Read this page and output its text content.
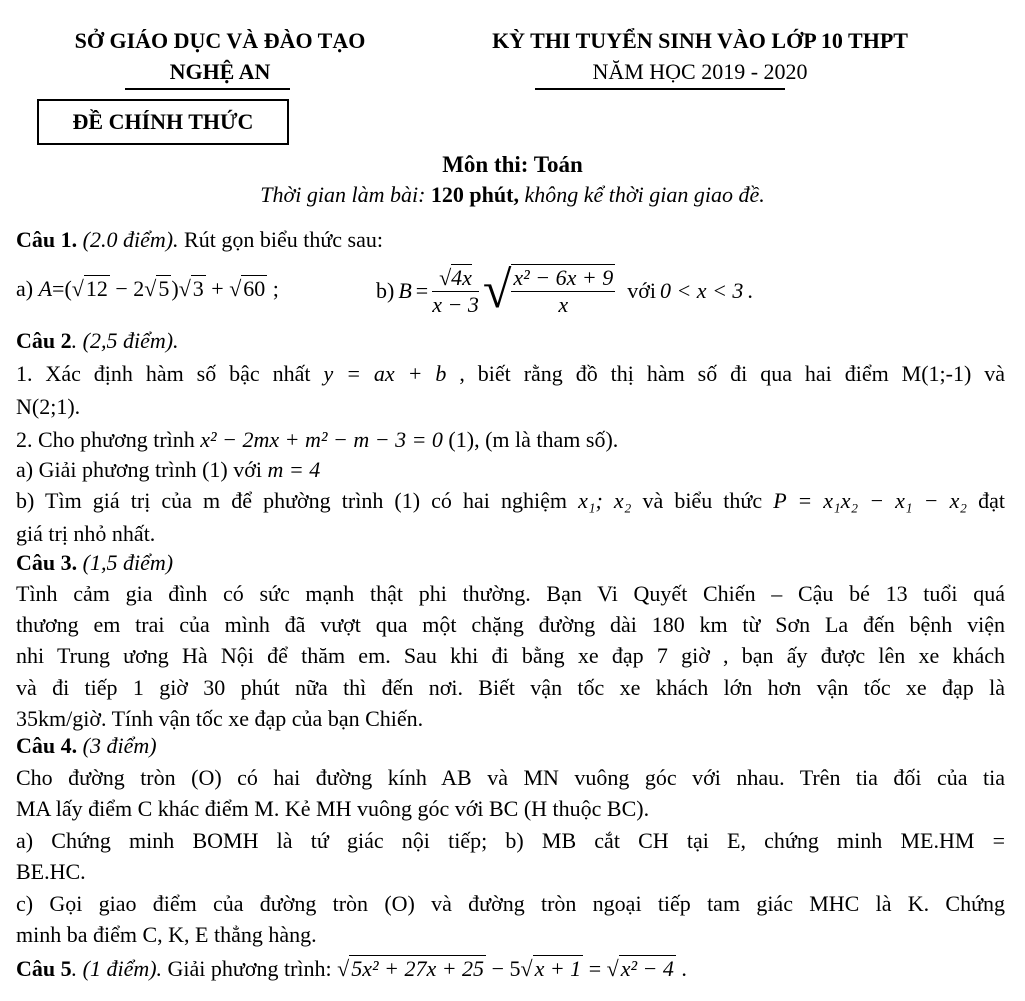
SỞ GIÁO DỤC VÀ ĐÀO TẠO
NGHỆ AN
KỲ THI TUYỂN SINH VÀO LỚP 10 THPT
NĂM HỌC 2019 - 2020
ĐỀ CHÍNH THỨC
Môn thi: Toán
Thời gian làm bài: 120 phút, không kể thời gian giao đề.
Câu 1. (2.0 điểm). Rút gọn biểu thức sau:
a) A=(√12 − 2√5)√3 + √60 ;	b) $B = \frac{√4x}{x - 3}$ √ $\frac{\text{x² − 6x + 9}}{x}$ với 0 < x < 3 .
Câu 2. (2,5 điểm).
1. Xác định hàm số bậc nhất y = ax + b , biết rằng đồ thị hàm số đi qua hai điểm M(1;-1) và
N(2;1).
2. Cho phương trình x² − 2mx + m² − m − 3 = 0 (1), (m là tham số).
a) Giải phương trình (1) với m = 4
b) Tìm giá trị của m để phường trình (1) có hai nghiệm x₁; x₂ và biểu thức P = x₁x₂ − x₁ − x₂ đạt
giá trị nhỏ nhất.
Câu 3. (1,5 điểm)
Tình cảm gia đình có sức mạnh thật phi thường. Bạn Vi Quyết Chiến – Cậu bé 13 tuổi quá
thương em trai của mình đã vượt qua một chặng đường dài 180 km từ Sơn La đến bệnh viện
nhi Trung ương Hà Nội để thăm em. Sau khi đi bằng xe đạp 7 giờ , bạn ấy được lên xe khách
và đi tiếp 1 giờ 30 phút nữa thì đến nơi. Biết vận tốc xe khách lớn hơn vận tốc xe đạp là
35km/giờ. Tính vận tốc xe đạp của bạn Chiến.
Câu 4. (3 điểm)
Cho đường tròn (O) có hai đường kính AB và MN vuông góc với nhau. Trên tia đối của tia
MA lấy điểm C khác điểm M. Kẻ MH vuông góc với BC (H thuộc BC).
a) Chứng minh BOMH là tứ giác nội tiếp; b) MB cắt CH tại E, chứng minh ME.HM =
BE.HC.
c) Gọi giao điểm của đường tròn (O) và đường tròn ngoại tiếp tam giác MHC là K. Chứng
minh ba điểm C, K, E thẳng hàng.
Câu 5. (1 điểm). Giải phương trình: √5x² + 27x + 25 − 5√x + 1 = √x² − 4 .
